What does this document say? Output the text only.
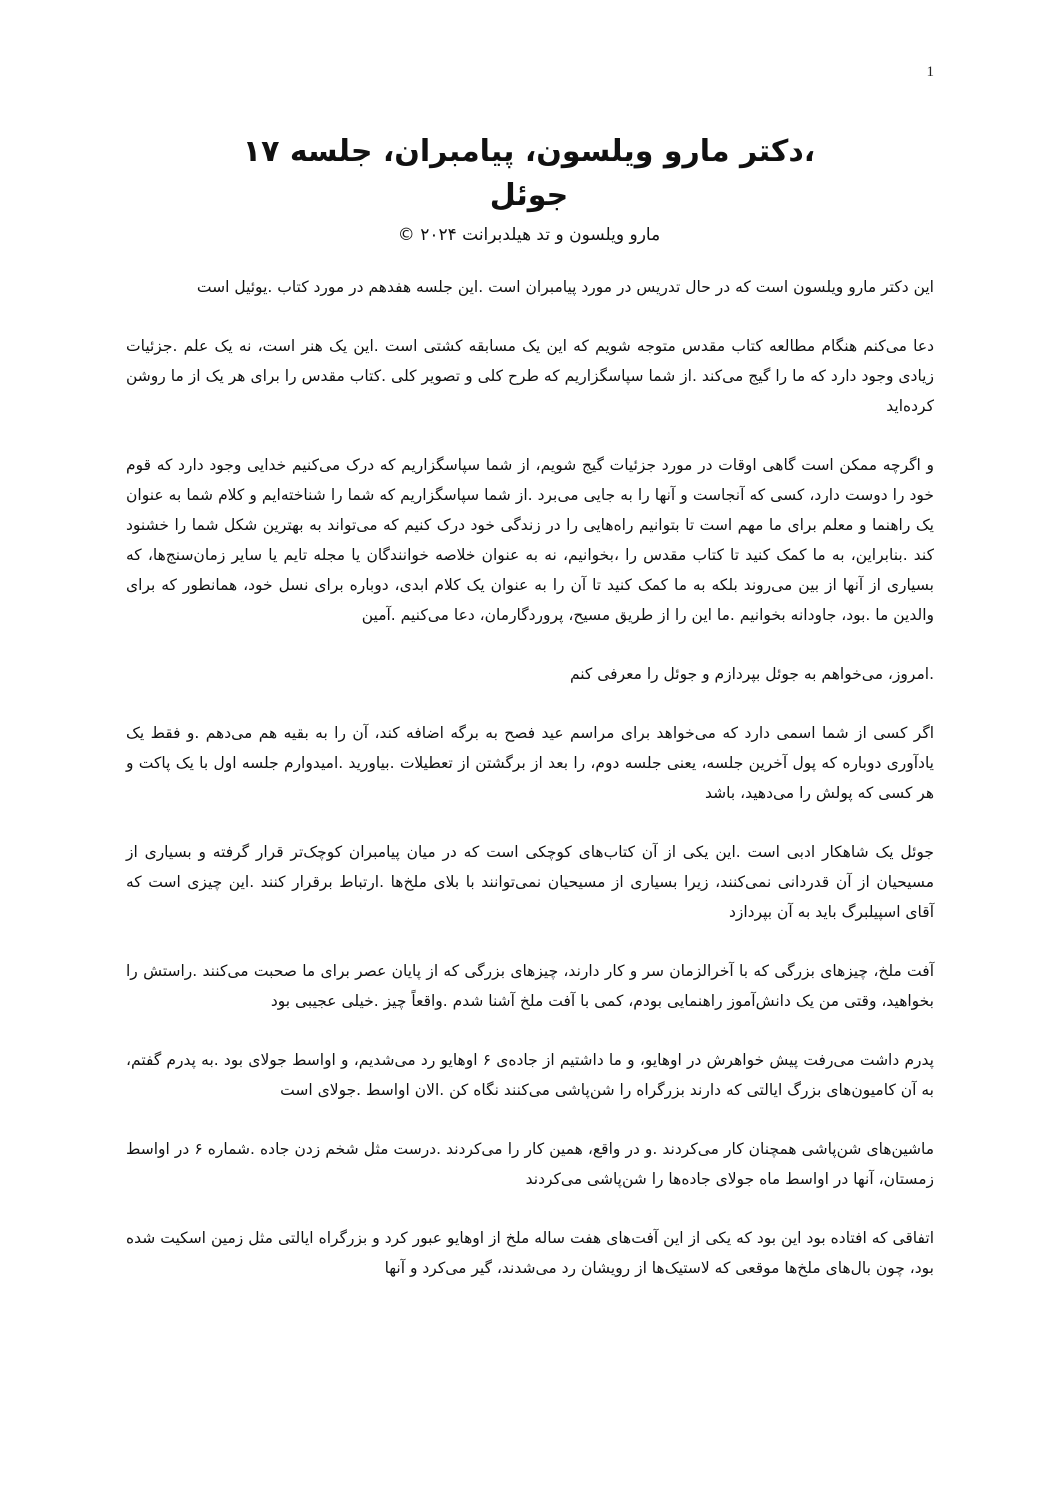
1
،دکتر مارو ویلسون، پیامبران، جلسه ۱۷
جوئل
مارو ویلسون و تد هیلدبرانت ۲۰۲۴ ©

این دکتر مارو ویلسون است که در حال تدریس در مورد پیامبران است .این جلسه هفدهم در مورد کتاب .یوئیل است

دعا می‌کنم هنگام مطالعه کتاب مقدس متوجه شویم که این یک مسابقه کشتی است .این یک هنر است، نه یک علم .جزئیات زیادی وجود دارد که ما را گیج می‌کند .از شما سپاسگزاریم که طرح کلی و تصویر کلی .کتاب مقدس را برای هر یک از ما روشن کرده‌اید

و اگرچه ممکن است گاهی اوقات در مورد جزئیات گیج شویم، از شما سپاسگزاریم که درک می‌کنیم خدایی وجود دارد که قوم خود را دوست دارد، کسی که آنجاست و آنها را به جایی می‌برد .از شما سپاسگزاریم که شما را شناخته‌ایم و کلام شما به عنوان یک راهنما و معلم برای ما مهم است تا بتوانیم راه‌هایی را در زندگی خود درک کنیم که می‌تواند به بهترین شکل شما را خشنود کند .بنابراین، به ما کمک کنید تا کتاب مقدس را ،بخوانیم، نه به عنوان خلاصه خوانندگان یا مجله تایم یا سایر زمان‌سنج‌ها، که بسیاری از آنها از بین می‌روند بلکه به ما کمک کنید تا آن را به عنوان یک کلام ابدی، دوباره برای نسل خود، همانطور که برای والدین ما .بود، جاودانه بخوانیم .ما این را از طریق مسیح، پروردگارمان، دعا می‌کنیم .آمین

.امروز، می‌خواهم به جوئل بپردازم و جوئل را معرفی کنم

اگر کسی از شما اسمی دارد که می‌خواهد برای مراسم عید فصح به برگه اضافه کند، آن را به بقیه هم می‌دهم .و فقط یک یادآوری دوباره که پول آخرین جلسه، یعنی جلسه دوم، را بعد از برگشتن از تعطیلات .بیاورید .امیدوارم جلسه اول با یک پاکت و هر کسی که پولش را می‌دهید، باشد

جوئل یک شاهکار ادبی است .این یکی از آن کتاب‌های کوچکی است که در میان پیامبران کوچک‌تر قرار گرفته و بسیاری از مسیحیان از آن قدردانی نمی‌کنند، زیرا بسیاری از مسیحیان نمی‌توانند با بلای ملخ‌ها .ارتباط برقرار کنند .این چیزی است که آقای اسپیلبرگ باید به آن بپردازد

آفت ملخ، چیزهای بزرگی که با آخرالزمان سر و کار دارند، چیزهای بزرگی که از پایان عصر برای ما صحبت می‌کنند .راستش را بخواهید، وقتی من یک دانش‌آموز راهنمایی بودم، کمی با آفت ملخ آشنا شدم .واقعاً چیز .خیلی عجیبی بود

پدرم داشت می‌رفت پیش خواهرش در اوهایو، و ما داشتیم از جاده‌ی ۶ اوهایو رد می‌شدیم، و اواسط جولای بود .به پدرم گفتم، به آن کامیون‌های بزرگ ایالتی که دارند بزرگراه را شن‌پاشی می‌کنند نگاه کن .الان اواسط .جولای است

ماشین‌های شن‌پاشی همچنان کار می‌کردند .و در واقع، همین کار را می‌کردند .درست مثل شخم زدن جاده .شماره ۶ در اواسط زمستان، آنها در اواسط ماه جولای جاده‌ها را شن‌پاشی می‌کردند

اتفاقی که افتاده بود این بود که یکی از این آفت‌های هفت ساله ملخ از اوهایو عبور کرد و بزرگراه ایالتی مثل زمین اسکیت شده بود، چون بال‌های ملخ‌ها موقعی که لاستیک‌ها از رویشان رد می‌شدند، گیر می‌کرد و آنها
